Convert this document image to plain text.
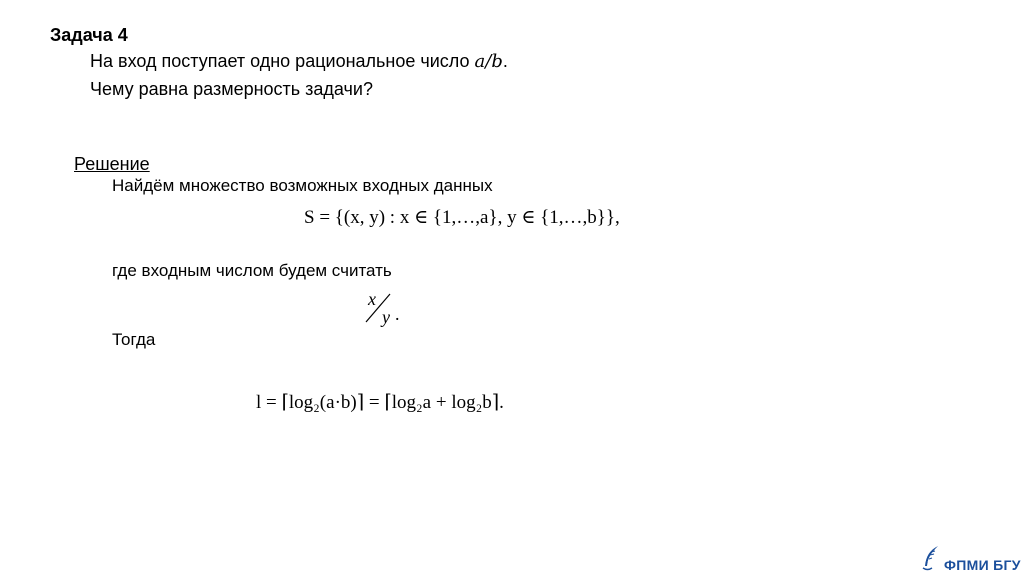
Задача 4
На вход поступает одно рациональное число a/b.
Чему равна размерность задачи?
Решение
Найдём множество возможных входных данных
S = {(x, y) : x ∈ {1,…,a}, y ∈ {1,…,b}},
где входным числом будем считать
x
y .
Тогда
l = ⌈log₂(a·b)⌉ = ⌈log₂a + log₂b⌉.
ФПМИ БГУ
